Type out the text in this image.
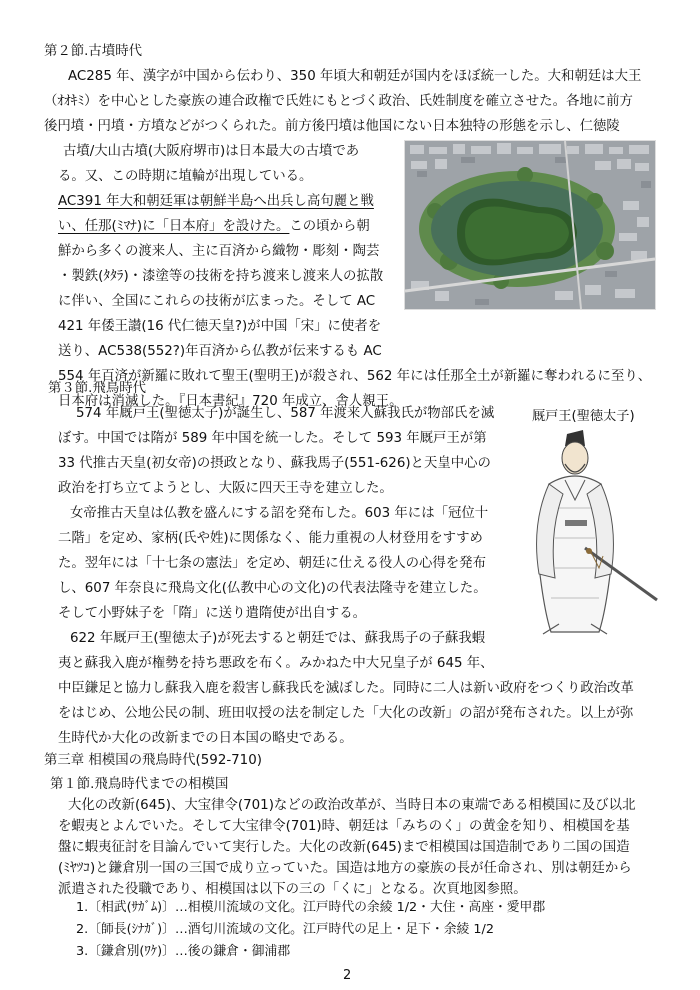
第２節.古墳時代
AC285 年、漢字が中国から伝わり、350 年頃大和朝廷が国内をほぼ統一した。大和朝廷は大王
（ｵｵｷﾐ）を中心とした豪族の連合政権で氏姓にもとづく政治、氏姓制度を確立させた。各地に前方
後円墳・円墳・方墳などがつくられた。前方後円墳は他国にない日本独特の形態を示し、仁徳陵
古墳/大山古墳(大阪府堺市)は日本最大の古墳であ
る。又、この時期に埴輪が出現している。
AC391 年大和朝廷軍は朝鮮半島へ出兵し高句麗と戦
い、任那(ﾐﾏﾅ)に「日本府」を設けた。この頃から朝
鮮から多くの渡来人、主に百済から織物・彫刻・陶芸
・製鉄(ﾀﾀﾗ)・漆塗等の技術を持ち渡来し渡来人の拡散
に伴い、全国にこれらの技術が広まった。そして AC
421 年倭王讃(16 代仁徳天皇?)が中国「宋」に使者を
送り、AC538(552?)年百済から仏教が伝来するも AC
554 年百済が新羅に敗れて聖王(聖明王)が殺され、562 年には任那全土が新羅に奪われるに至り、
日本府は消滅した。『日本書紀』720 年成立、舎人親王。
第３節.飛鳥時代
厩戸王(聖徳太子)
574 年厩戸王(聖徳太子)が誕生し、587 年渡来人蘇我氏が物部氏を滅
ぼす。中国では隋が 589 年中国を統一した。そして 593 年厩戸王が第
33 代推古天皇(初女帝)の摂政となり、蘇我馬子(551-626)と天皇中心の
政治を打ち立てようとし、大阪に四天王寺を建立した。
女帝推古天皇は仏教を盛んにする詔を発布した。603 年には「冠位十
二階」を定め、家柄(氏や姓)に関係なく、能力重視の人材登用をすすめ
た。翌年には「十七条の憲法」を定め、朝廷に仕える役人の心得を発布
し、607 年奈良に飛鳥文化(仏教中心の文化)の代表法隆寺を建立した。
そして小野妹子を「隋」に送り遣隋使が出自する。
622 年厩戸王(聖徳太子)が死去すると朝廷では、蘇我馬子の子蘇我蝦
夷と蘇我入鹿が権勢を持ち悪政を布く。みかねた中大兄皇子が 645 年、
中臣鎌足と協力し蘇我入鹿を殺害し蘇我氏を滅ぼした。同時に二人は新い政府をつくり政治改革
をはじめ、公地公民の制、班田収授の法を制定した「大化の改新」の詔が発布された。以上が弥
生時代か大化の改新までの日本国の略史である。
第三章 相模国の飛鳥時代(592-710)
第１節.飛鳥時代までの相模国
大化の改新(645)、大宝律令(701)などの政治改革が、当時日本の東端である相模国に及び以北
を蝦夷とよんでいた。そして大宝律令(701)時、朝廷は「みちのく」の黄金を知り、相模国を基
盤に蝦夷征討を目論んでいて実行した。大化の改新(645)まで相模国は国造制であり二国の国造
(ﾐﾔﾂｺ)と鎌倉別一国の三国で成り立っていた。国造は地方の豪族の長が任命され、別は朝廷から
派遣された役職であり、相模国は以下の三の「くに」となる。次頁地図参照。
2
1.〔相武(ｻｶﾞﾑ)〕…相模川流域の文化。江戸時代の余綾 1/2・大住・高座・愛甲郡
2.〔師長(ｼﾅｶﾞ)〕…酒匂川流域の文化。江戸時代の足上・足下・余綾 1/2
3.〔鎌倉別(ﾜｹ)〕…後の鎌倉・御浦郡
